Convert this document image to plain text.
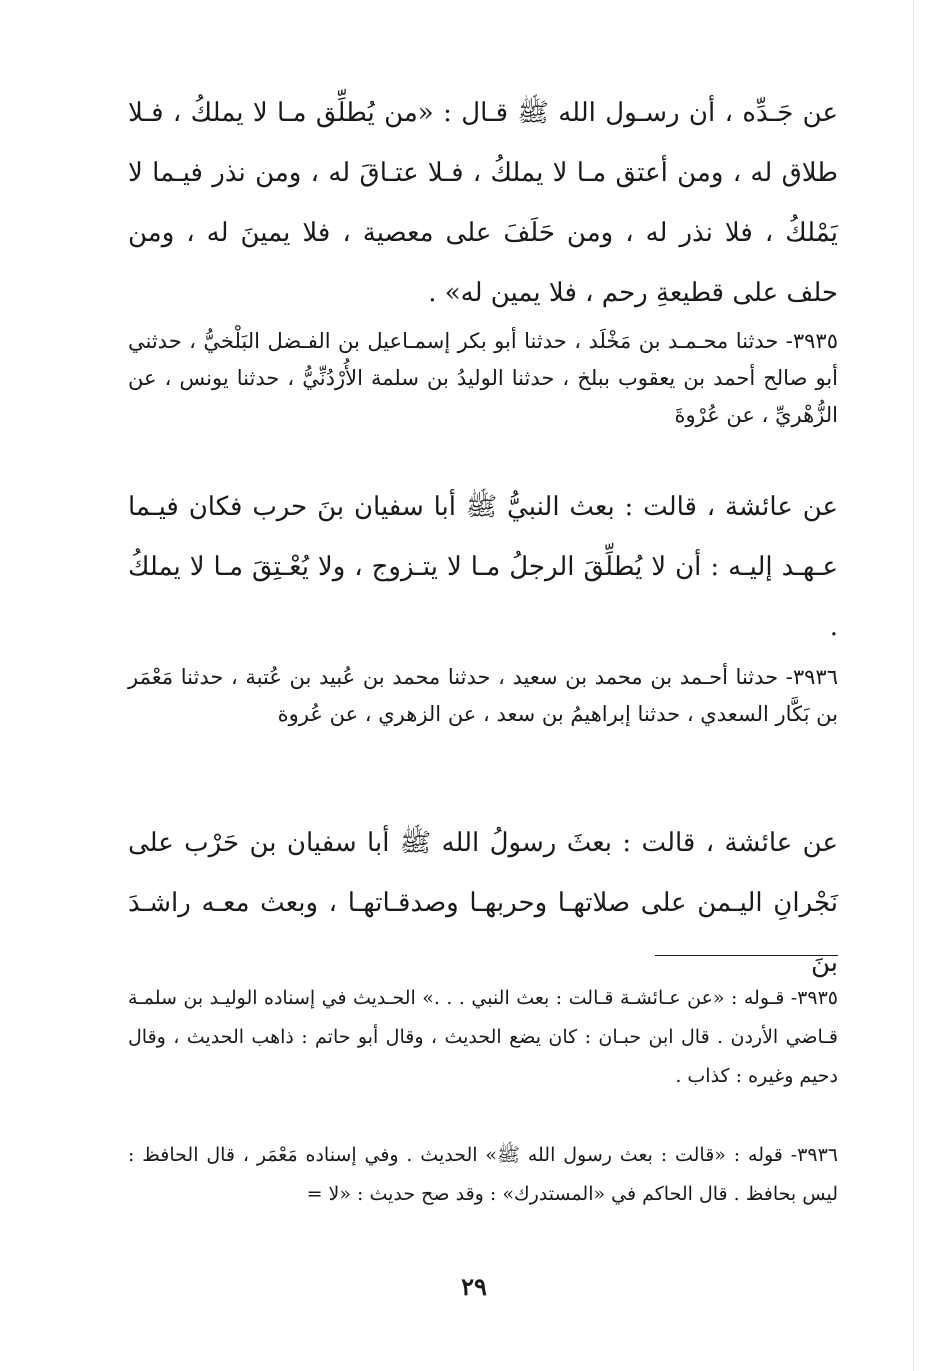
عن جَـدِّه ، أن رسـول الله ﷺ قـال : «من يُطلِّق مـا لا يملكُ ، فـلا طلاق له ، ومن أعتق مـا لا يملكُ ، فـلا عتـاقَ له ، ومن نذر فيـما لا يَمْلكُ ، فلا نذر له ، ومن حَلَفَ على معصية ، فلا يمينَ له ، ومن حلف على قطيعةِ رحم ، فلا يمين له» .

٣٩٣٥- حدثنا محـمـد بن مَخْلَد ، حدثنا أبو بكر إسمـاعيل بن الفـضل البَلْخيُّ ، حدثني أبو صالح أحمد بن يعقوب ببلخ ، حدثنا الوليدُ بن سلمة الأُرْدُنِّيُّ ، حدثنا يونس ، عن الزُّهْريِّ ، عن عُرْوةَ

عن عائشة ، قالت : بعث النبيُّ ﷺ أبا سفيان بنَ حرب فكان فيـما عـهـد إليـه : أن لا يُطلِّقَ الرجلُ مـا لا يتـزوج ، ولا يُعْـتِقَ مـا لا يملكُ .

٣٩٣٦- حدثنا أحـمد بن محمد بن سعيد ، حدثنا محمد بن عُبيد بن عُتبة ، حدثنا مَعْمَر بن بَكَّار السعدي ، حدثنا إبراهيمُ بن سعد ، عن الزهري ، عن عُروة

عن عائشة ، قالت : بعثَ رسولُ الله ﷺ أبا سفيان بن حَرْب على نَجْرانِ اليـمن على صلاتهـا وحربهـا وصدقـاتهـا ، وبعث معـه راشـدَ بنَ

٣٩٣٥- قـوله : «عن عـائشـة قـالت : بعث النبي . . .» الحـديث في إسناده الوليـد بن سلمـة قـاضي الأردن . قال ابن حبـان : كان يضع الحديث ، وقال أبو حاتم : ذاهب الحديث ، وقال دحيم وغيره : كذاب .

٣٩٣٦- قوله : «قالت : بعث رسول الله ﷺ» الحديث . وفي إسناده مَعْمَر ، قال الحافظ : ليس بحافظ . قال الحاكم في «المستدرك» : وقد صح حديث : «لا =

٢٩
